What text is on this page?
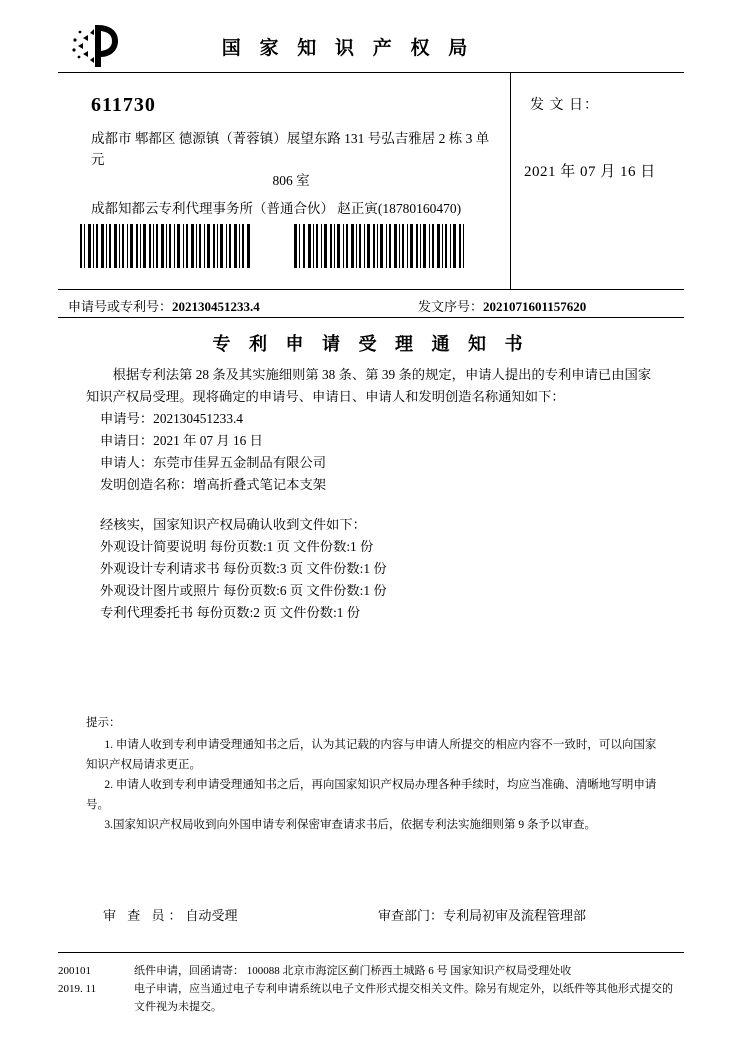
国 家 知 识 产 权 局
611730
成都市 郫都区 德源镇（菁蓉镇）展望东路 131 号弘吉雅居 2 栋 3 单元
806 室
成都知都云专利代理事务所（普通合伙） 赵正寅(18780160470)
发 文 日：
2021 年 07 月 16 日
申请号或专利号：202130451233.4	发文序号：2021071601157620
专 利 申 请 受 理 通 知 书
根据专利法第 28 条及其实施细则第 38 条、第 39 条的规定，申请人提出的专利申请已由国家知识产权局受理。现将确定的申请号、申请日、申请人和发明创造名称通知如下：
申请号：202130451233.4
申请日：2021 年 07 月 16 日
申请人：东莞市佳昇五金制品有限公司
发明创造名称：增高折叠式笔记本支架
经核实，国家知识产权局确认收到文件如下：
外观设计简要说明 每份页数:1 页 文件份数:1 份
外观设计专利请求书 每份页数:3 页 文件份数:1 份
外观设计图片或照片 每份页数:6 页 文件份数:1 份
专利代理委托书 每份页数:2 页 文件份数:1 份
提示：
1. 申请人收到专利申请受理通知书之后，认为其记载的内容与申请人所提交的相应内容不一致时，可以向国家知识产权局请求更正。
2. 申请人收到专利申请受理通知书之后，再向国家知识产权局办理各种手续时，均应当准确、清晰地写明申请号。
3.国家知识产权局收到向外国申请专利保密审查请求书后，依据专利法实施细则第 9 条予以审查。
审 查 员：自动受理	审查部门：专利局初审及流程管理部
200101
2019. 11
纸件申请，回函请寄： 100088 北京市海淀区蓟门桥西土城路 6 号 国家知识产权局受理处收
电子申请，应当通过电子专利申请系统以电子文件形式提交相关文件。除另有规定外，以纸件等其他形式提交的
文件视为未提交。
